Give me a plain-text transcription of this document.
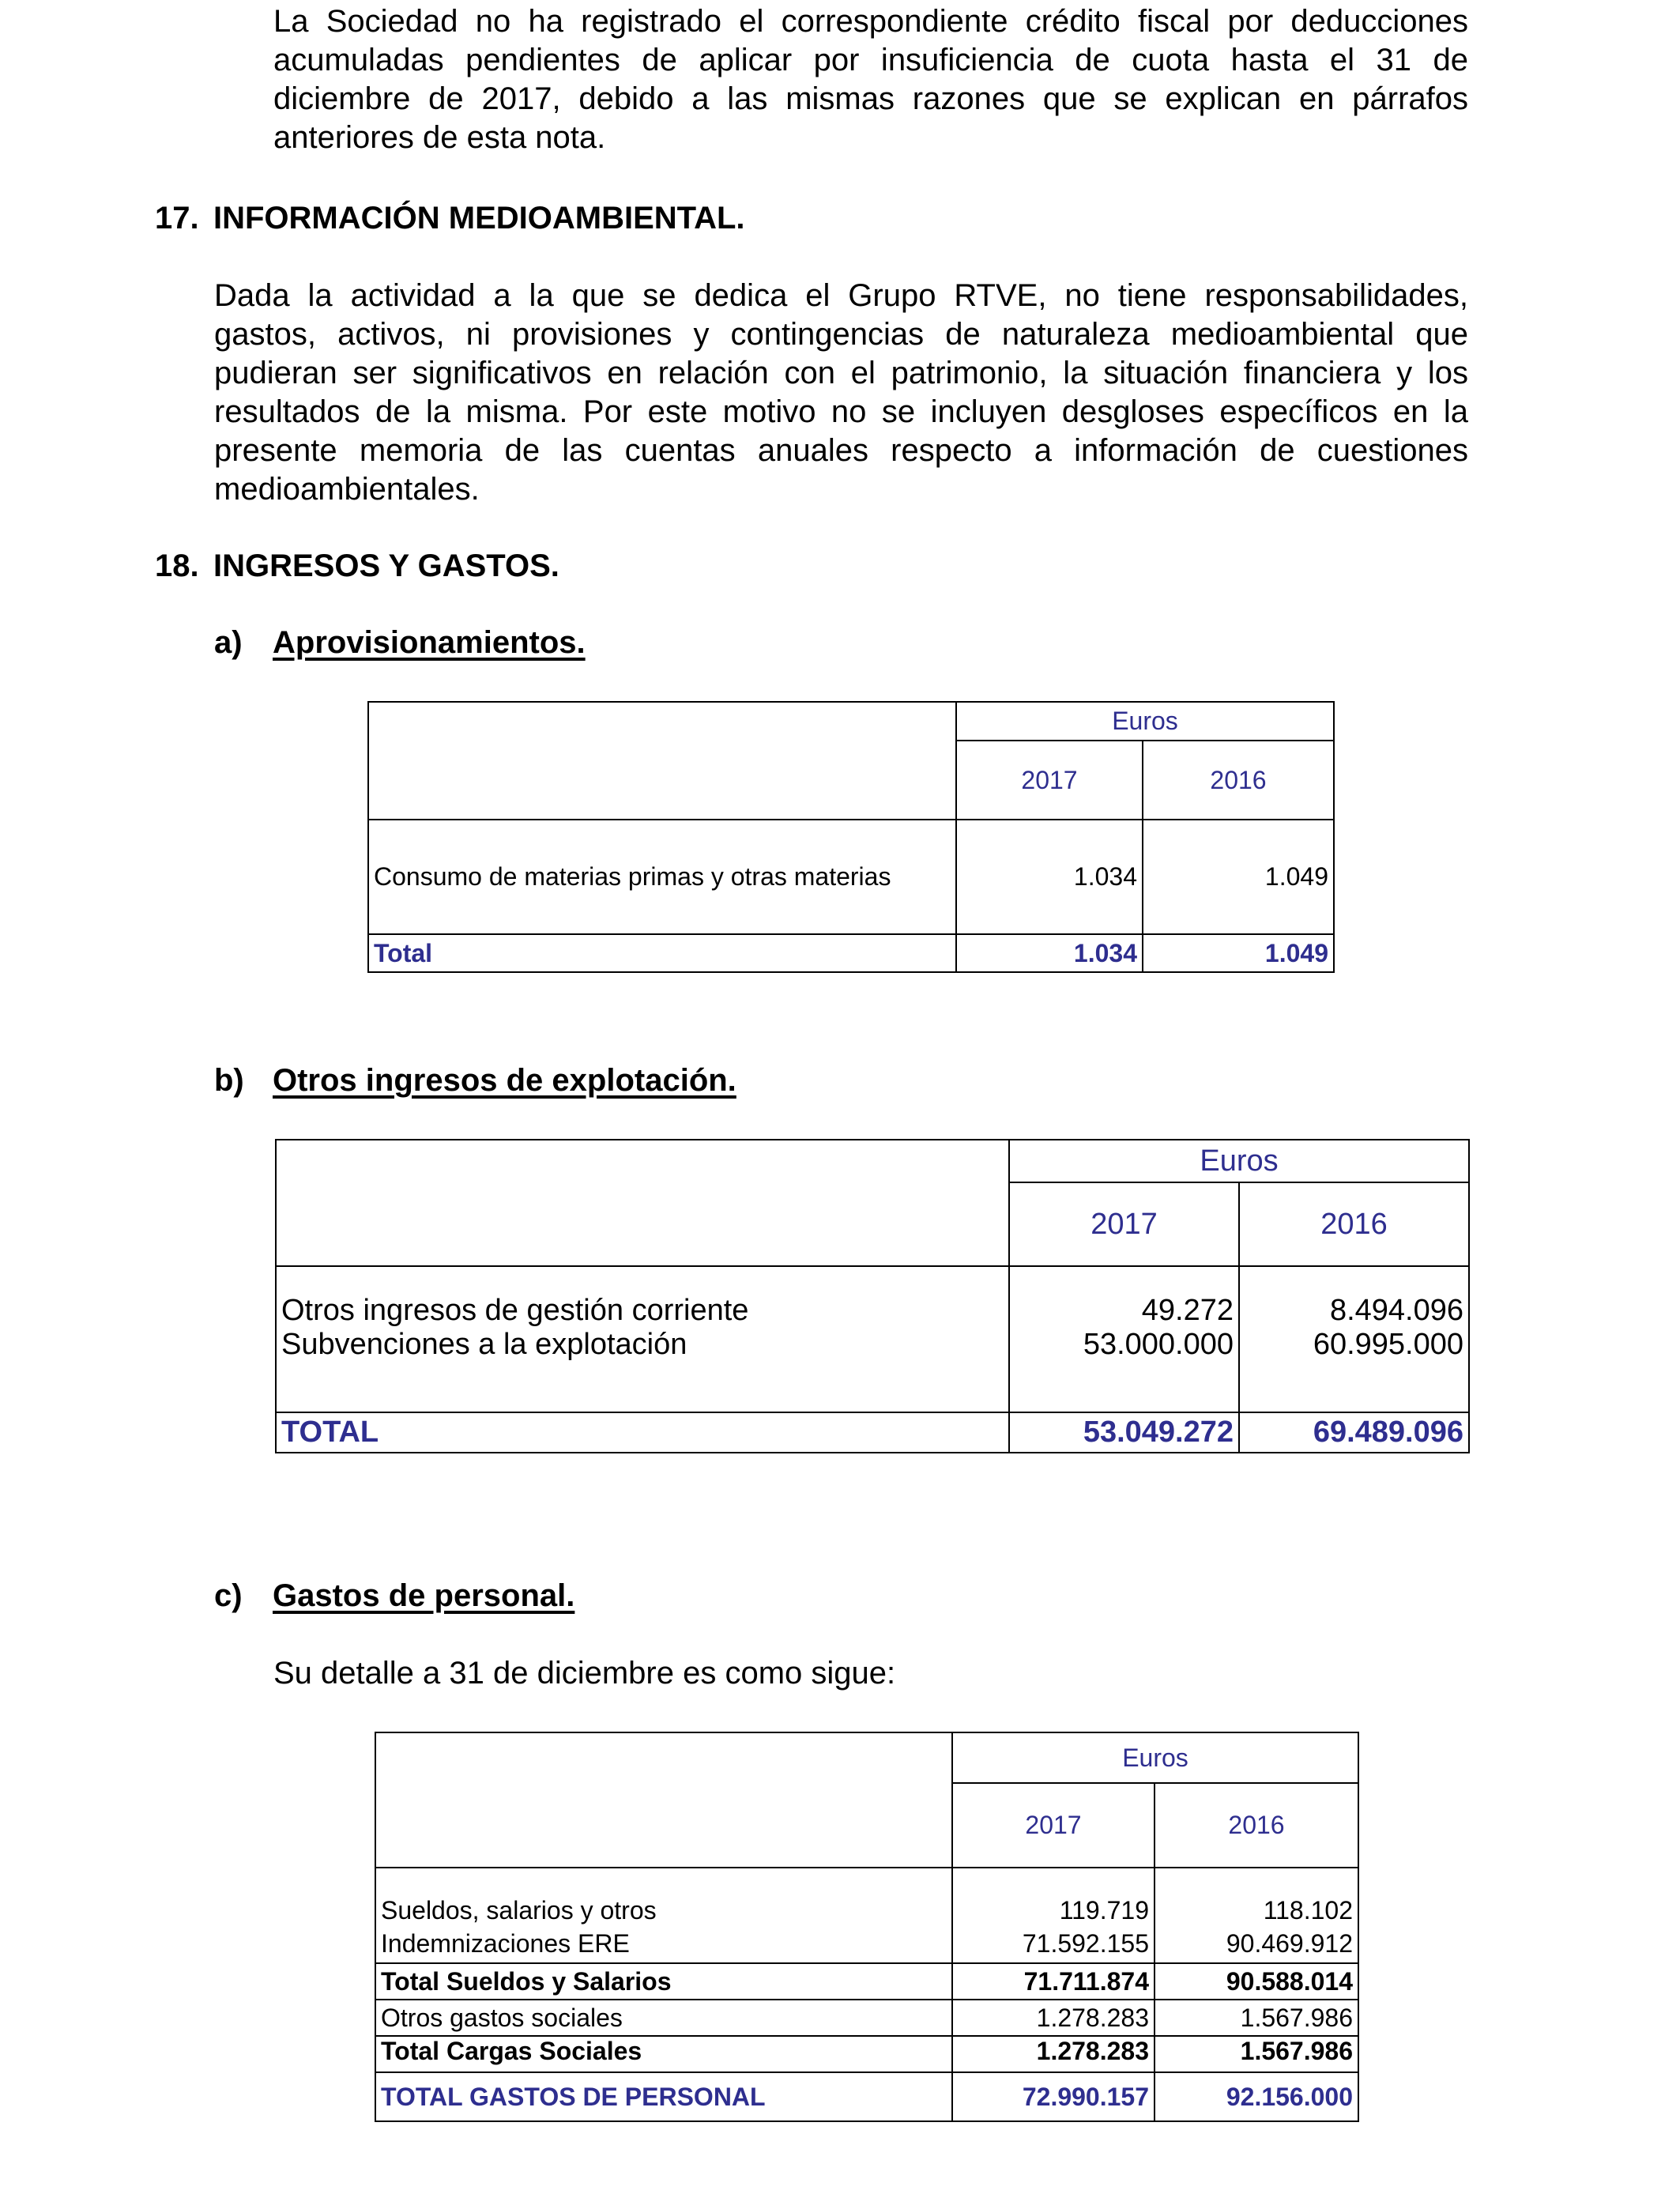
La Sociedad no ha registrado el correspondiente crédito fiscal por deducciones
acumuladas pendientes de aplicar por insuficiencia de cuota hasta el 31 de
diciembre de 2017, debido a las mismas razones que se explican en párrafos
anteriores de esta nota.
17. INFORMACIÓN MEDIOAMBIENTAL.
Dada la actividad a la que se dedica el Grupo RTVE, no tiene responsabilidades,
gastos, activos, ni provisiones y contingencias de naturaleza medioambiental que
pudieran ser significativos en relación con el patrimonio, la situación financiera y los
resultados de la misma. Por este motivo no se incluyen desgloses específicos en la
presente memoria de las cuentas anuales respecto a información de cuestiones
medioambientales.
18. INGRESOS Y GASTOS.
a) Aprovisionamientos.
	Euros	
	2017	2016

Consumo de materias primas y otras materias	1.034	1.049

Total	1.034	1.049
b) Otros ingresos de explotación.
	Euros	
	2017	2016

Otros ingresos de gestión corriente	49.272	8.494.096

Subvenciones a la explotación	53.000.000	60.995.000

TOTAL	53.049.272	69.489.096
c) Gastos de personal.
Su detalle a 31 de diciembre es como sigue:
	Euros	
	2017	2016

Sueldos, salarios y otros	119.719	118.102

Indemnizaciones ERE	71.592.155	90.469.912

Total Sueldos y Salarios	71.711.874	90.588.014

Otros gastos sociales	1.278.283	1.567.986

Total Cargas Sociales	1.278.283	1.567.986

TOTAL GASTOS DE PERSONAL	72.990.157	92.156.000
